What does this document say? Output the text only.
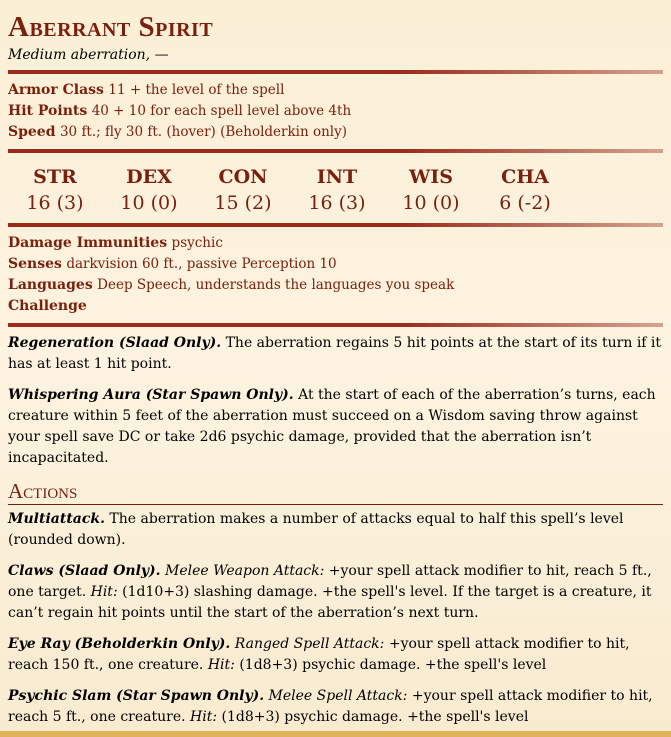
Aberrant Spirit
Medium aberration, —
Armor Class 11 + the level of the spell
Hit Points 40 + 10 for each spell level above 4th
Speed 30 ft.; fly 30 ft. (hover) (Beholderkin only)
STR
16 (3)
DEX
10 (0)
CON
15 (2)
INT
16 (3)
WIS
10 (0)
CHA
6 (-2)
Damage Immunities psychic
Senses darkvision 60 ft., passive Perception 10
Languages Deep Speech, understands the languages you speak
Challenge

Regeneration (Slaad Only). The aberration regains 5 hit points at the start of its turn if it has at least 1 hit point.

Whispering Aura (Star Spawn Only). At the start of each of the aberration’s turns, each creature within 5 feet of the aberration must succeed on a Wisdom saving throw against your spell save DC or take 2d6 psychic damage, provided that the aberration isn’t incapacitated.

Actions

Multiattack. The aberration makes a number of attacks equal to half this spell’s level (rounded down).

Claws (Slaad Only). Melee Weapon Attack: +your spell attack modifier to hit, reach 5 ft., one target. Hit: (1d10+3) slashing damage. +the spell's level. If the target is a creature, it can’t regain hit points until the start of the aberration’s next turn.

Eye Ray (Beholderkin Only). Ranged Spell Attack: +your spell attack modifier to hit, reach 150 ft., one creature. Hit: (1d8+3) psychic damage. +the spell's level

Psychic Slam (Star Spawn Only). Melee Spell Attack: +your spell attack modifier to hit, reach 5 ft., one creature. Hit: (1d8+3) psychic damage. +the spell's level
